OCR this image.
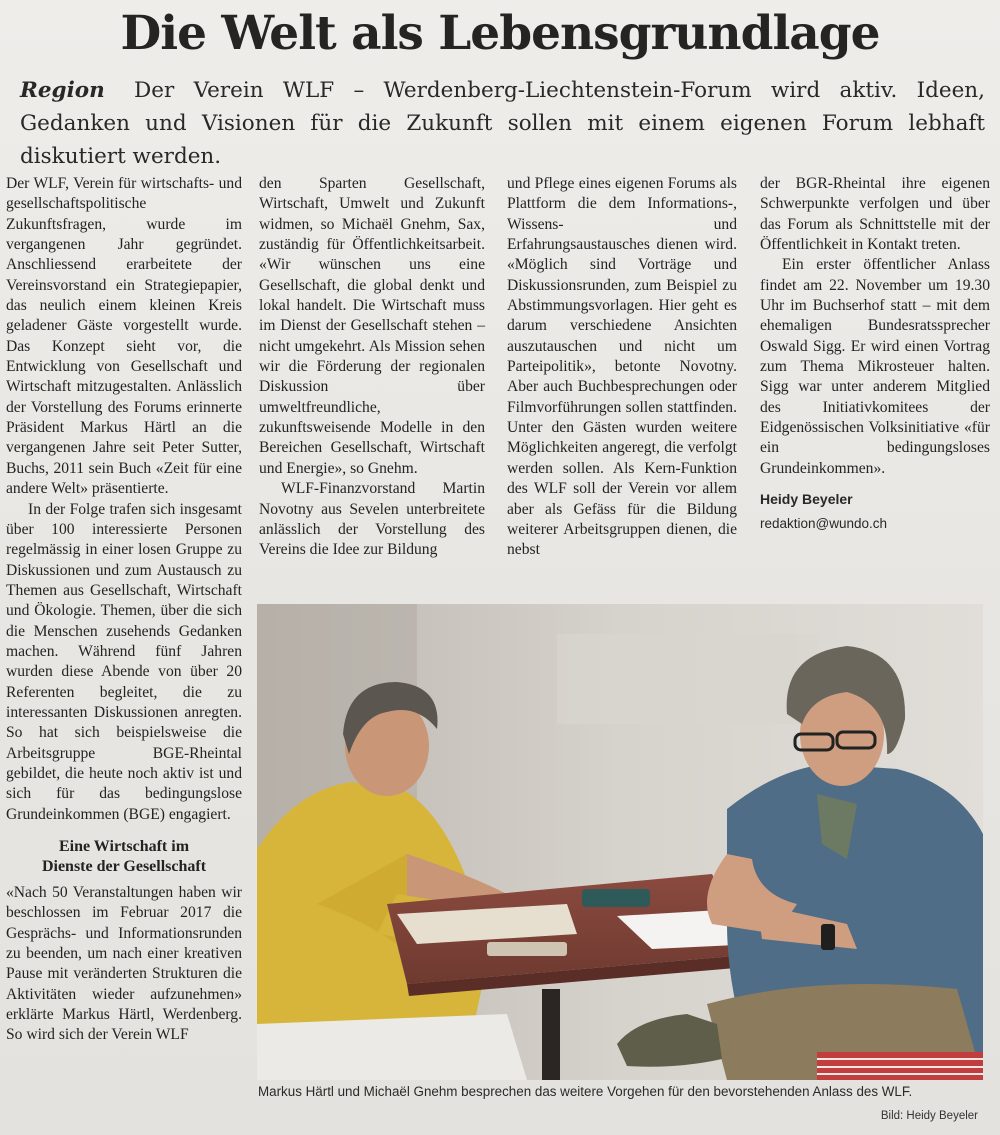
Die Welt als Lebensgrundlage
Region Der Verein WLF – Werdenberg-Liechtenstein-Forum wird aktiv. Ideen, Gedanken und Visionen für die Zukunft sollen mit einem eigenen Forum lebhaft diskutiert werden.

Der WLF, Verein für wirtschafts- und gesellschaftspolitische Zukunftsfragen, wurde im vergangenen Jahr gegründet. Anschliessend erarbeitete der Vereinsvorstand ein Strategiepapier, das neulich einem kleinen Kreis geladener Gäste vorgestellt wurde. Das Konzept sieht vor, die Entwicklung von Gesellschaft und Wirtschaft mitzugestalten. Anlässlich der Vorstellung des Forums erinnerte Präsident Markus Härtl an die vergangenen Jahre seit Peter Sutter, Buchs, 2011 sein Buch «Zeit für eine andere Welt» präsentierte.

In der Folge trafen sich insgesamt über 100 interessierte Personen regelmässig in einer losen Gruppe zu Diskussionen und zum Austausch zu Themen aus Gesellschaft, Wirtschaft und Ökologie. Themen, über die sich die Menschen zusehends Gedanken machen. Während fünf Jahren wurden diese Abende von über 20 Referenten begleitet, die zu interessanten Diskussionen anregten. So hat sich beispielsweise die Arbeitsgruppe BGE-Rheintal gebildet, die heute noch aktiv ist und sich für das bedingungslose Grundeinkommen (BGE) engagiert.

Eine Wirtschaft im
Dienste der Gesellschaft

«Nach 50 Veranstaltungen haben wir beschlossen im Februar 2017 die Gesprächs- und Informationsrunden zu beenden, um nach einer kreativen Pause mit veränderten Strukturen die Aktivitäten wieder aufzunehmen» erklärte Markus Härtl, Werdenberg. So wird sich der Verein WLF

den Sparten Gesellschaft, Wirtschaft, Umwelt und Zukunft widmen, so Michaël Gnehm, Sax, zuständig für Öffentlichkeitsarbeit. «Wir wünschen uns eine Gesellschaft, die global denkt und lokal handelt. Die Wirtschaft muss im Dienst der Gesellschaft stehen – nicht umgekehrt. Als Mission sehen wir die Förderung der regionalen Diskussion über umweltfreundliche, zukunftsweisende Modelle in den Bereichen Gesellschaft, Wirtschaft und Energie», so Gnehm.

WLF-Finanzvorstand Martin Novotny aus Sevelen unterbreitete anlässlich der Vorstellung des Vereins die Idee zur Bildung

und Pflege eines eigenen Forums als Plattform die dem Informations-, Wissens- und Erfahrungsaustausches dienen wird. «Möglich sind Vorträge und Diskussionsrunden, zum Beispiel zu Abstimmungsvorlagen. Hier geht es darum verschiedene Ansichten auszutauschen und nicht um Parteipolitik», betonte Novotny. Aber auch Buchbesprechungen oder Filmvorführungen sollen stattfinden. Unter den Gästen wurden weitere Möglichkeiten angeregt, die verfolgt werden sollen. Als Kern-Funktion des WLF soll der Verein vor allem aber als Gefäss für die Bildung weiterer Arbeitsgruppen dienen, die nebst

der BGR-Rheintal ihre eigenen Schwerpunkte verfolgen und über das Forum als Schnittstelle mit der Öffentlichkeit in Kontakt treten.

Ein erster öffentlicher Anlass findet am 22. November um 19.30 Uhr im Buchserhof statt – mit dem ehemaligen Bundesratssprecher Oswald Sigg. Er wird einen Vortrag zum Thema Mikrosteuer halten. Sigg war unter anderem Mitglied des Initiativkomitees der Eidgenössischen Volksinitiative «für ein bedingungsloses Grundeinkommen».

Heidy Beyeler
redaktion@wundo.ch
Markus Härtl und Michaël Gnehm besprechen das weitere Vorgehen für den bevorstehenden Anlass des WLF.
Bild: Heidy Beyeler
